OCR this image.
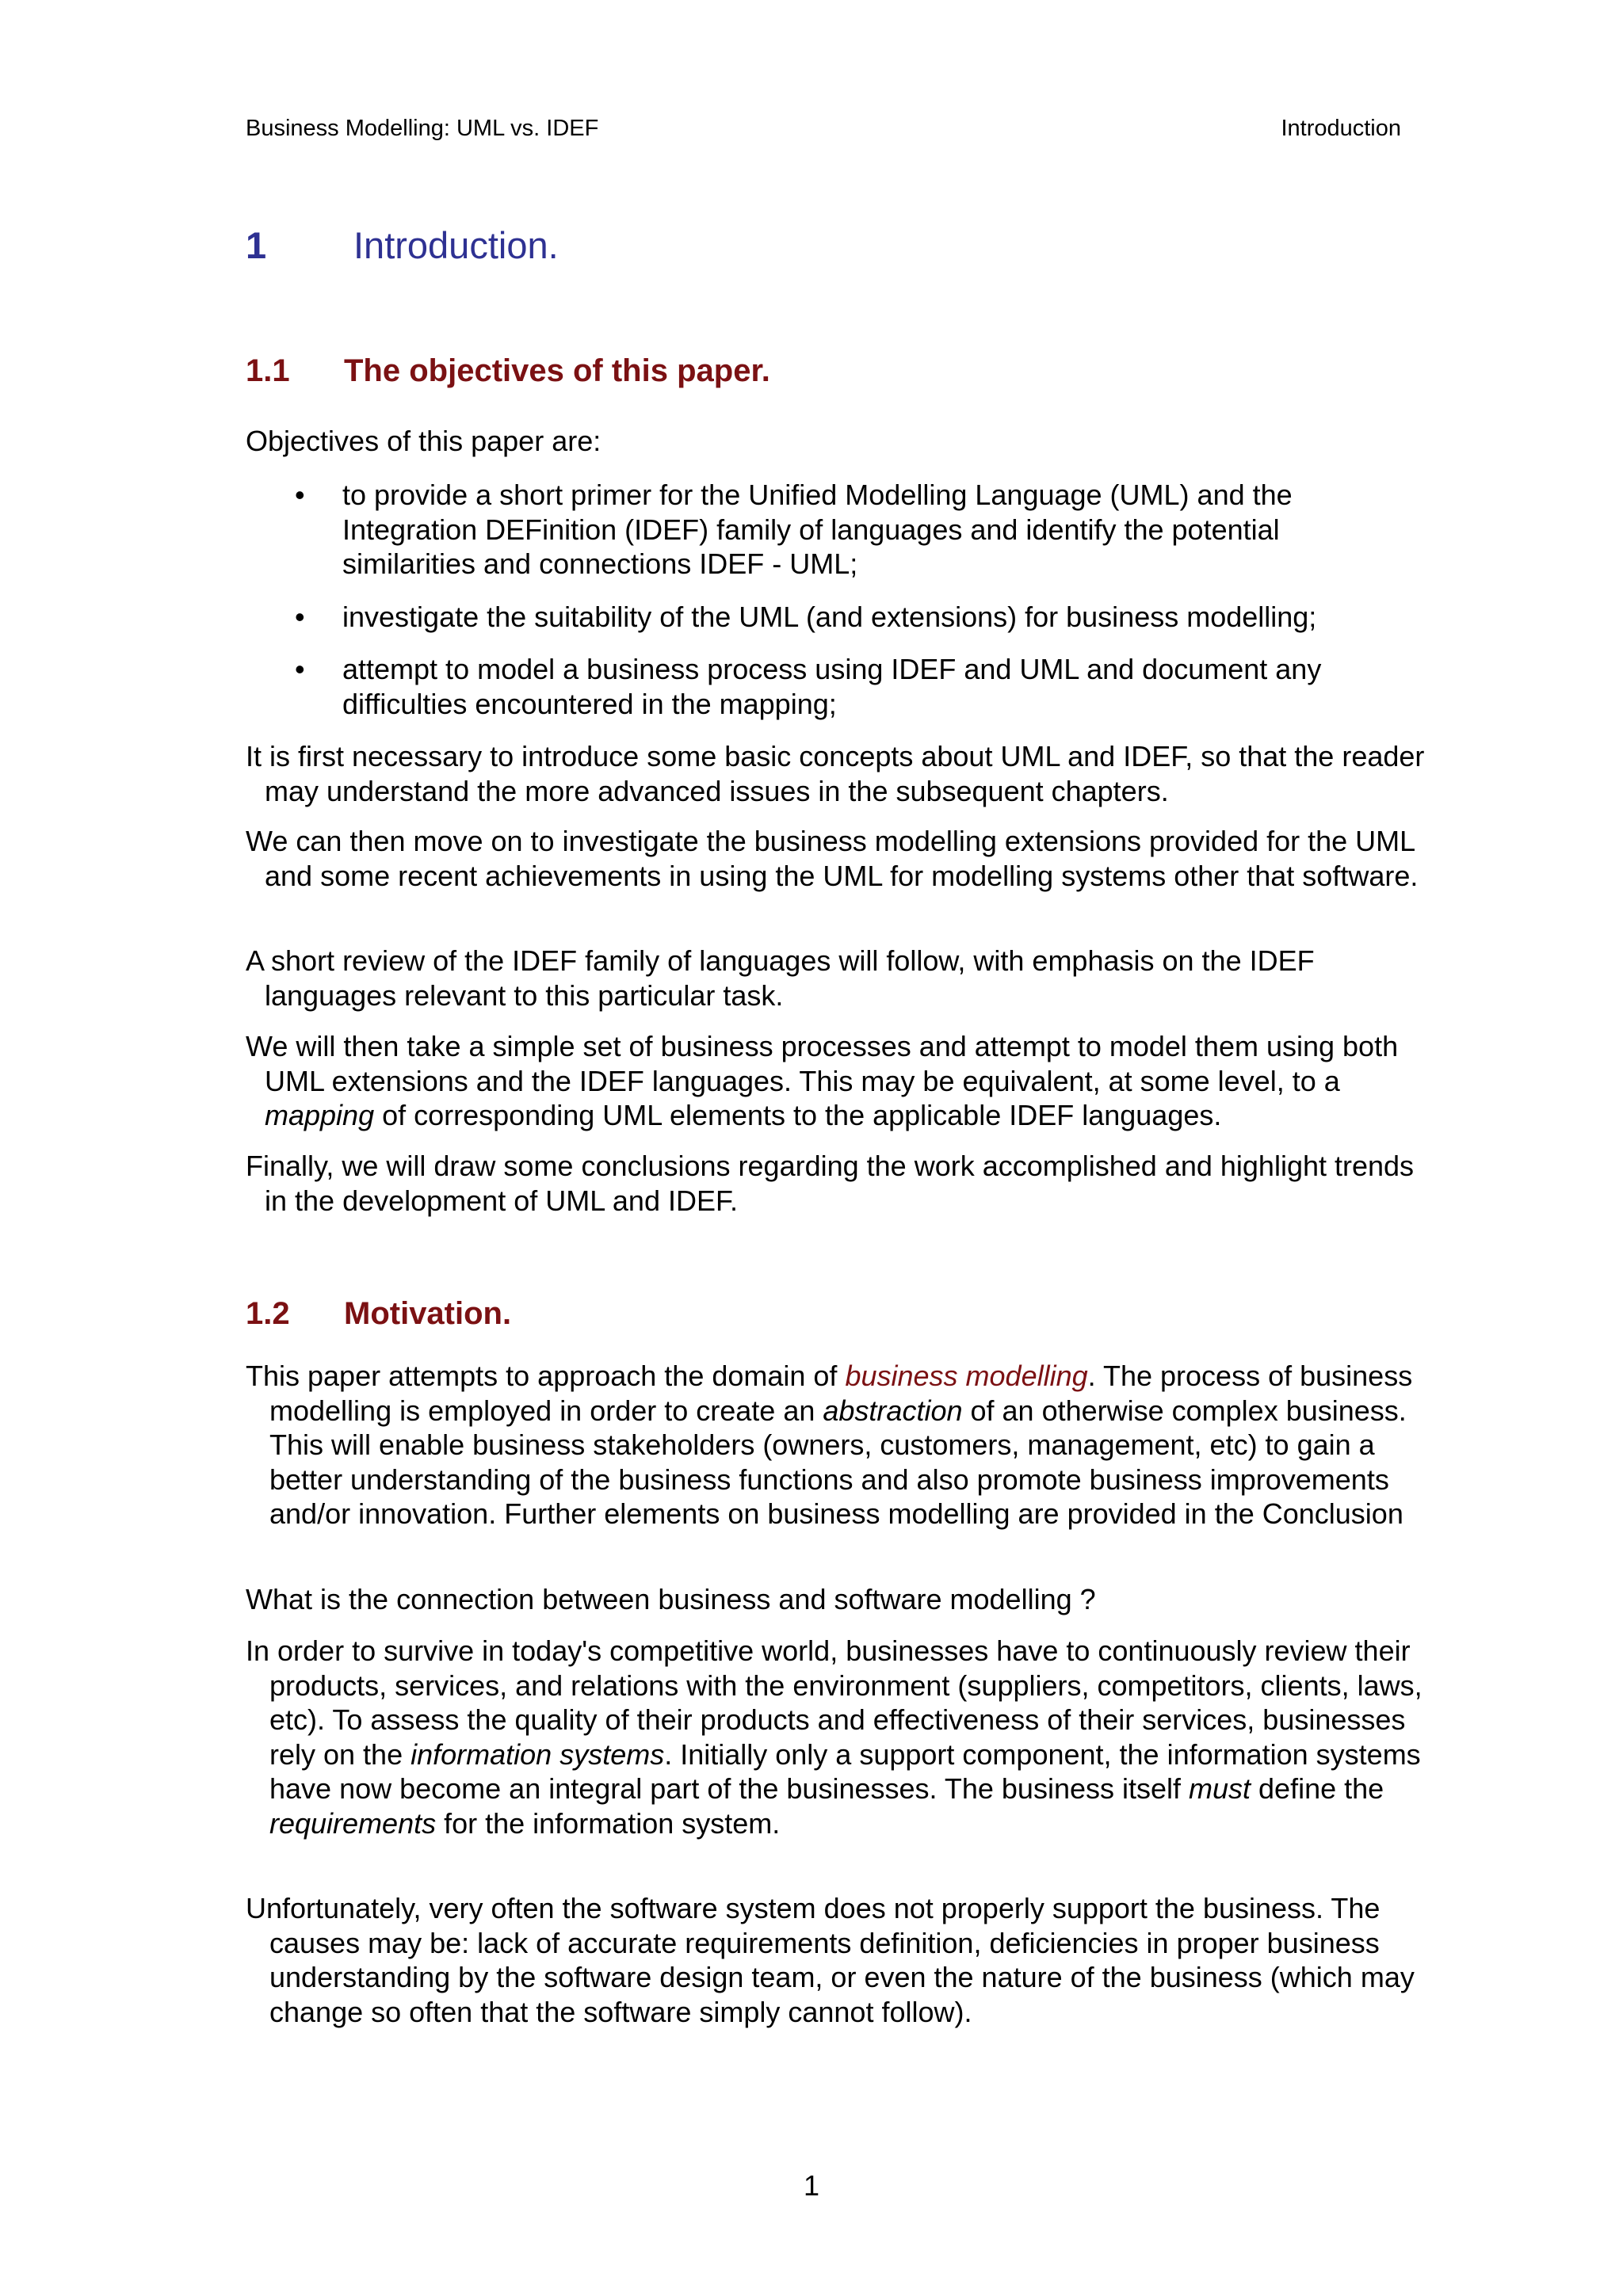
Business Modelling: UML vs. IDEF	Introduction
1 Introduction.
1.1 The objectives of this paper.
Objectives of this paper are:
•	to provide a short primer for the Unified Modelling Language (UML) and the Integration DEFinition (IDEF) family of languages and identify the potential similarities and connections IDEF - UML;
•	investigate the suitability of the UML (and extensions) for business modelling;
•	attempt to model a business process using IDEF and UML and document any difficulties encountered in the mapping;
It is first necessary to introduce some basic concepts about UML and IDEF, so that the reader may understand the more advanced issues in the subsequent chapters.
We can then move on to investigate the business modelling extensions provided for the UML and some recent achievements in using the UML for modelling systems other that software.
A short review of the IDEF family of languages will follow, with emphasis on the IDEF languages relevant to this particular task.
We will then take a simple set of business processes and attempt to model them using both UML extensions and the IDEF languages. This may be equivalent, at some level, to a mapping of corresponding UML elements to the applicable IDEF languages.
Finally, we will draw some conclusions regarding the work accomplished and highlight trends in the development of UML and IDEF.
1.2 Motivation.
This paper attempts to approach the domain of business modelling. The process of business modelling is employed in order to create an abstraction of an otherwise complex business. This will enable business stakeholders (owners, customers, management, etc) to gain a better understanding of the business functions and also promote business improvements and/or innovation. Further elements on business modelling are provided in the Conclusion
What is the connection between business and software modelling ?
In order to survive in today's competitive world, businesses have to continuously review their products, services, and relations with the environment (suppliers, competitors, clients, laws, etc). To assess the quality of their products and effectiveness of their services, businesses rely on the information systems. Initially only a support component, the information systems have now become an integral part of the businesses. The business itself must define the requirements for the information system.
Unfortunately, very often the software system does not properly support the business. The causes may be: lack of accurate requirements definition, deficiencies in proper business understanding by the software design team, or even the nature of the business (which may change so often that the software simply cannot follow).
1
